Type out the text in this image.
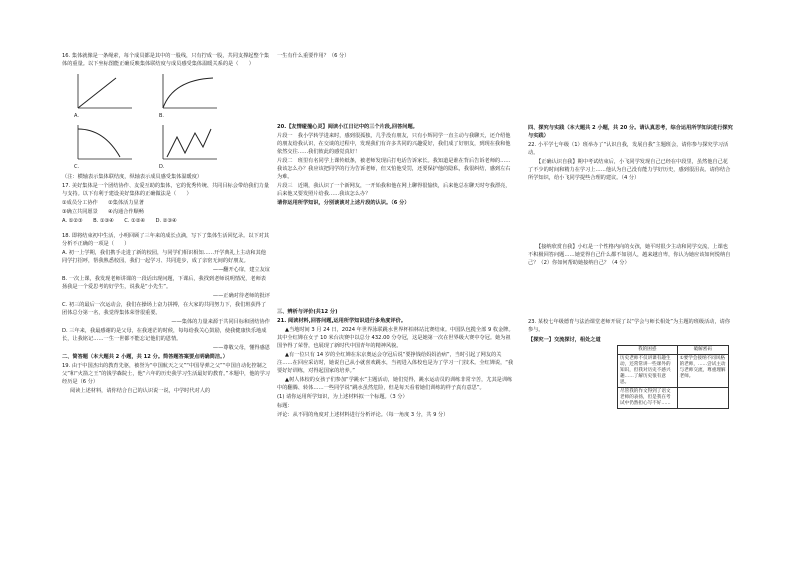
16. 集体就像是一条绳索，每个成员都是其中的一股线，只有拧成一股，共同支撑起整个集体的重量。以下坐标图能正确反映集体联结度与成员感受集体温暖关系的是（　　）

A.	B.
C.	D.

（注：横轴表示集体联结度，纵轴表示成员感受集体温暖度）

17. 美好集体是一个团结协作、友爱互助的集体，它的优秀传统、共同目标会带给我们力量与支持。以下有利于建设美好集体的正确做法是（　　）

①成员分工协作　　②集体活力显著

③确立共同愿景　　④沟通合作顺畅

A. ①②③　　B. ①③④　　C. ①②④　　D. ②③④

18. 即将结束初中生活，小明回顾了三年来的成长点滴，写下了集体生活回忆录。以下对其分析不正确的一项是（　　）

A. 初一上学期，我们携手走进了新的校园，与同学们相识相知……开学典礼上主动和其他同学打招呼，帮我熟悉校园，我们一起学习、共同进步，成了亲密无间的好朋友。

——翻开心扉，建立友谊

B. 一次上课，我发现老师讲课的一段话出现问题，下课后，我找到老师说明情况，老师表扬我是一个爱思考的好学生，说我是“小先生”。

——正确对待老师的批评

C. 初三的最后一次运动会，我们在操场上奋力拼搏，在大家的共同努力下，我们班获得了团体总分第一名，我觉得集体荣誉很重要。

——集体的力量来源于共同目标和团结协作

D. 三年来，我最感谢的是父母，在我迷茫的时候，每每给我关心鼓励，使我健康快乐地成长，让我铭记……一生一世都不能忘记他们的恩情。

——尊敬父母，懂得感恩

二、简答题（本大题共 2 小题，共 12 分。简答题答案要点明确简洁。）

19. 由于中国杰出的教育先驱，被誉为“中国航天之父”“中国导弹之父”“中国自动化控制之父”和“火箭之王”的钱学森院士，他“六年的历史我学习生活最好的教育。”本题中，他的学习经历是（6 分）

阅读上述材料，请你结合自己的认识说一说，中学时代对人的

一生有什么重要作用？（6 分）

20.【友情碰撞心灵】阅读小江日记中的三个片段,回答问题。

片段一　我小学转学进来时，感到很孤独，几乎没有朋友，只有小辉同学一直主动与我聊天，还介绍他的朋友给我认识，在交谈的过程中，发现我们有许多共同的兴趣爱好，我们成了好朋友，到现在我和他依然交往……我们彼此的感觉真好！

片段二　班里有名同学上课传纸条，被老师发现后打电话告诉家长。我知道是谁在背后告诉老师的……我该怎么办？我应该把同学的行为告诉老师，但又怕他受罚，还要保护他的隐私，我很纠结，感到左右为难。

片段三　近期，我认识了一个新网友，一开始我和他在网上聊得很愉快，后来他总在聊天时夸我漂亮，后来他又要发照片给我……我该怎么办？

请你运用所学知识，分别谈谈对上述片段的认识。（6 分）

三、辨析与评价(共12 分)

21. 阅读材料,回答问题,运用所学知识进行多角度评价。

▲当地时间 3 月 24 日，2024 年世界泳联跳水世界杯柏林站比赛结束。中国队包揽全部 9 枚金牌。其中全红婵在女子 10 米台决赛中以总分 432.00 分夺冠，这是她第一次在世界级大赛中夺冠。她为祖国争得了荣誉，也展现了新时代中国青年的精神风貌。

▲有一位只有 14 岁的全红婵在东京奥运会夺冠后说“要挣钱给妈妈治病”，当时引起了网友的关注……在回应采访时，她说自己从小就喜欢跳水，当初进入体校也是为了学习一门技术。全红婵说，“我要好好训练，对得起国家的培养。”

▲树人体校的女孩子们参加“学跳水”主题活动，她们觉得，跳水运动员的训练非常辛苦，尤其是训练中的翻腾、转体……一些同学说“跳水虽然危险，但是每天看着她们训练的样子真有意思”。

(1) 请你运用所学知识，为上述材料拟一个标题。（3 分）

标题：

评论：从不同的角度对上述材料进行分析评论。（每一角度 3 分，共 9 分）

四、探究与实践（本大题共 2 小题，共 20 分。请认真思考，综合运用所学知识进行探究与实践）

22. 小平学七年级（1）班举办了“认识自我，发展自我”主题班会，请你参与探究学习活动。

【正确认识自我】期中考试结束后，小飞同学发现自己已经在中段里，虽然他自己花了不少的时间和精力在学习上……他认为自己没有能力学好历史，感到很沮丧。请你结合所学知识，给小飞同学提些合理的建议。（4 分）

【接纳欣赏自我】小红是一个性格内向的女孩，她平时很少主动和同学交流，上课也不积极回答问题……她觉得自己什么都不如别人，越来越自卑，你认为她应该如何悦纳自己？（2）你如何帮助她接纳自己？（4 分）

23. 某校七年级德育与法治课堂老师开展了以“学会与师长相处”为主题的班级活动，请你参与。

【探究一】交流探讨，相处之道

我的困惑	破解密码
历史老师不仅讲课有趣生动，还常常讲一些课外的知识，但我对历史不感兴趣……了解历史很有意思。	①要学会接纳不同风格的老师，……尝试主动与老师交流，尊重理解老师。
尽管我的作文得到了语文老师的表扬，但是我在考试中仍然担心写不好……	
